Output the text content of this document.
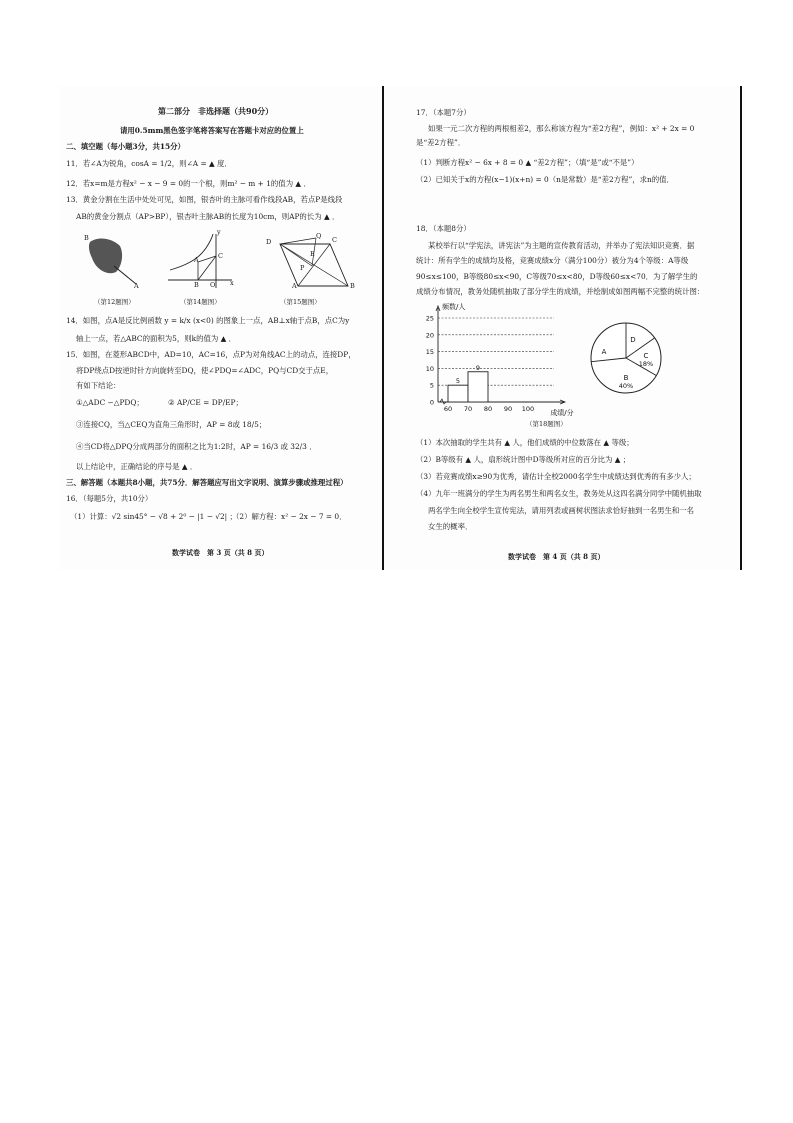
第二部分　非选择题（共90分）

请用0.5mm黑色签字笔将答案写在答题卡对应的位置上

二、填空题（每小题3分，共15分）

11．若∠A为锐角，cosA = 1/2，则∠A = ▲ 度．

12．若x=m是方程x² − x − 9 = 0的一个根，则m² − m + 1的值为 ▲ ．

13．黄金分割在生活中处处可见，如图，银杏叶的主脉可看作线段AB，若点P是线段

AB的黄金分割点（AP>BP），银杏叶主脉AB的长度为10cm，则AP的长为 ▲ ．

B
A
y
A	C
B O x
D
Q
E
P
C
A	B

（第12题图）	（第14题图）	（第15题图）

14．如图，点A是反比例函数 y = k/x (x<0) 的图象上一点，AB⊥x轴于点B，点C为y

轴上一点，若△ABC的面积为5，则k的值为 ▲ ．

15．如图，在菱形ABCD中，AD=10，AC=16，点P为对角线AC上的动点，连接DP，

将DP绕点D按逆时针方向旋转至DQ，使∠PDQ=∠ADC，PQ与CD交于点E，

有如下结论：

①△ADC ∽△PDQ；	② AP/CE = DP/EP；

③连接CQ，当△CEQ为直角三角形时，AP = 8或 18/5；

④当CD将△DPQ分成两部分的面积之比为1:2时，AP = 16/3 或 32/3 ．

以上结论中，正确结论的序号是 ▲ ．

三、解答题（本题共8小题，共75分．解答题应写出文字说明、演算步骤或推理过程）

16．（每题5分，共10分）

（1）计算：√2 sin45° − √8 + 2⁰ − |1 − √2| ；

（2）解方程：x² − 2x − 7 = 0．

数学试卷　第 3 页（共 8 页）

17．（本题7分）

如果一元二次方程的两根相差2，那么称该方程为“差2方程”，例如：x² + 2x = 0

是“差2方程”．

（1）判断方程x² − 6x + 8 = 0 ▲ “差2方程”；（填“是”或“不是”）

（2）已知关于x的方程(x−1)(x+n) = 0（n是常数）是“差2方程”，求n的值．

18．（本题8分）

某校举行以“学宪法，讲宪法”为主题的宣传教育活动，并举办了宪法知识竞赛．据

统计：所有学生的成绩均及格，竞赛成绩x分（满分100分）被分为4个等级：A等级

90≤x≤100，B等级80≤x<90，C等级70≤x<80，D等级60≤x<70．为了解学生的

成绩分布情况，教务处随机抽取了部分学生的成绩，并绘制成如图两幅不完整的统计图：

0
5
10
15
20
25
60 70 80 90 100
5
9
频数/人
成绩/分
A
B
40%
C
18%
D

（第18题图）

（1）本次抽取的学生共有 ▲ 人，他们成绩的中位数落在 ▲ 等级；

（2）B等级有 ▲ 人，扇形统计图中D等级所对应的百分比为 ▲ ；

（3）若竞赛成绩x≥90为优秀，请估计全校2000名学生中成绩达到优秀的有多少人；

（4）九年一班满分的学生为两名男生和两名女生，教务处从这四名满分同学中随机抽取

两名学生向全校学生宣传宪法，请用列表或画树状图法求恰好抽到一名男生和一名

女生的概率．

数学试卷　第 4 页（共 8 页）
